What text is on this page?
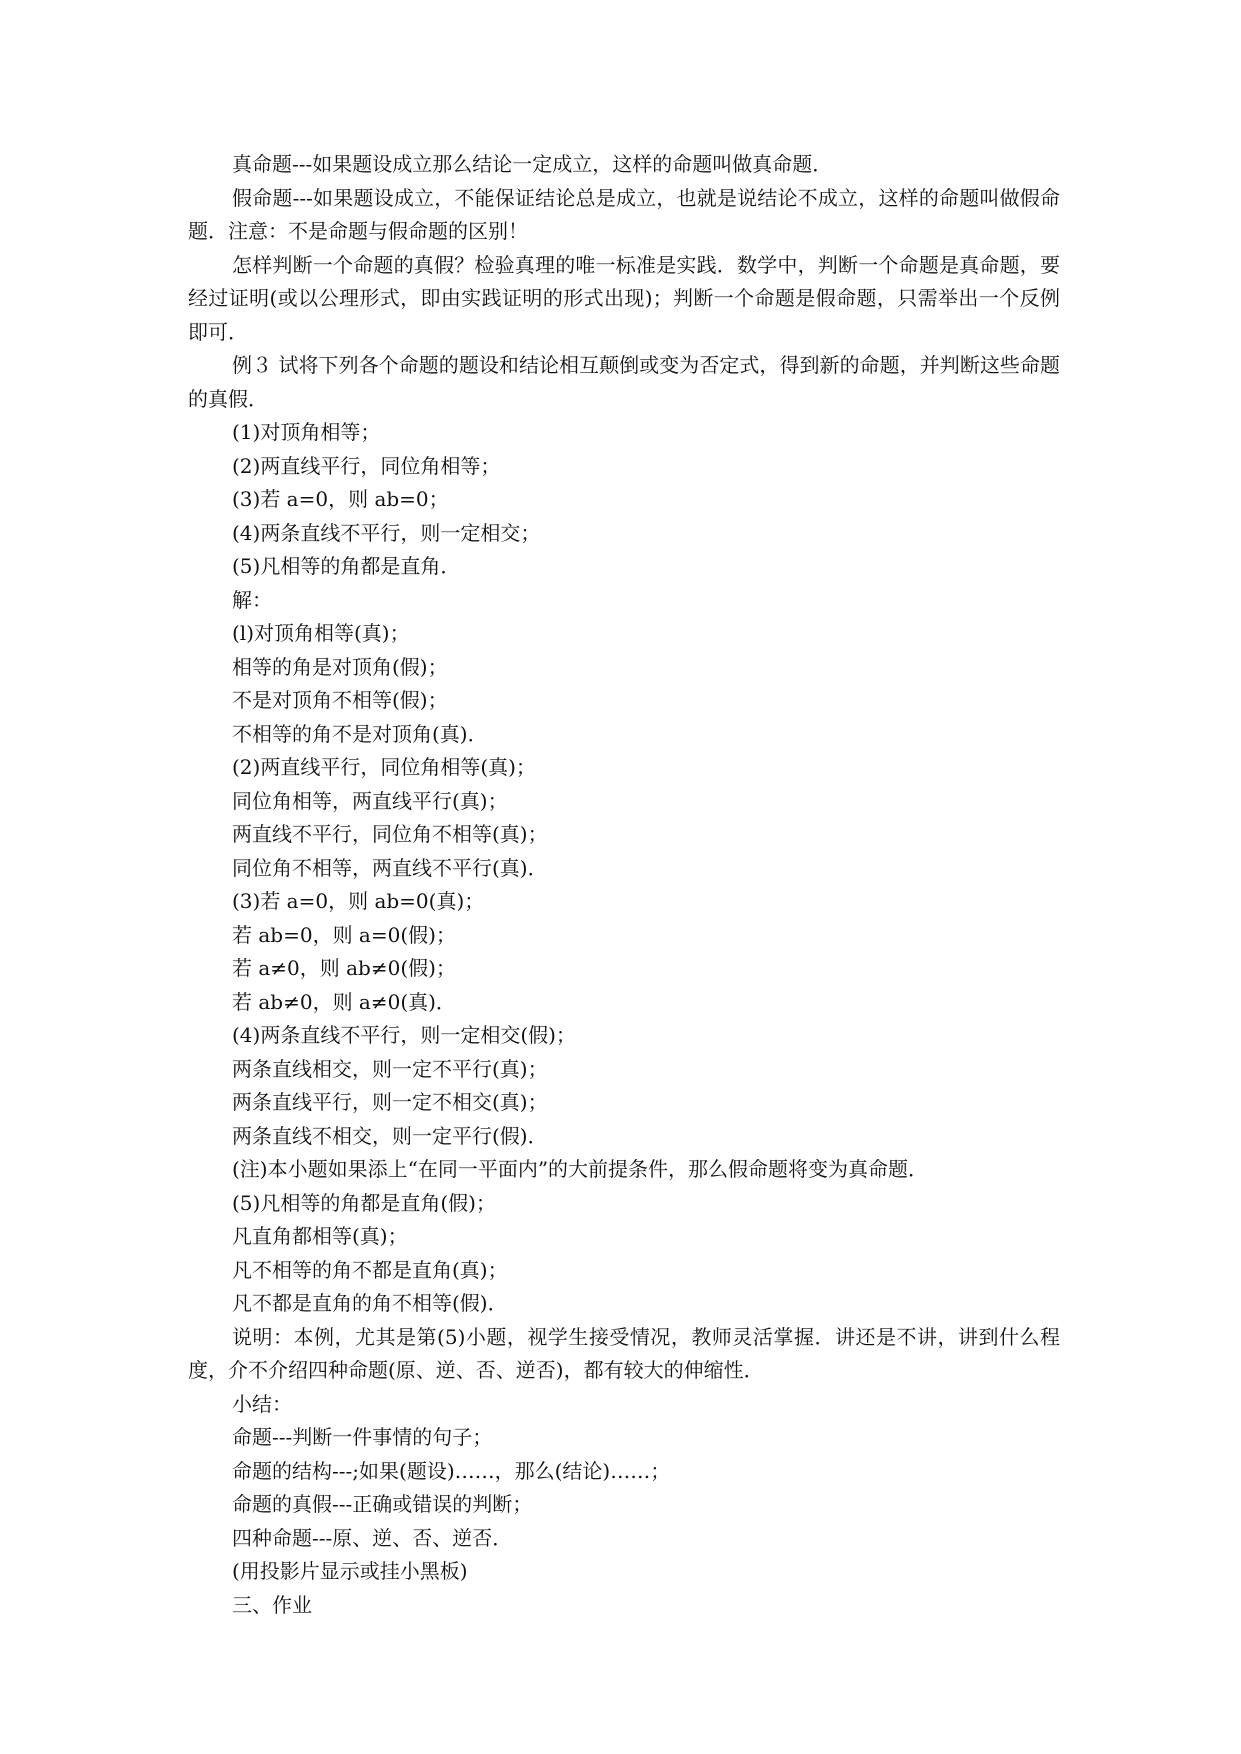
真命题---如果题设成立那么结论一定成立，这样的命题叫做真命题．

假命题---如果题设成立，不能保证结论总是成立，也就是说结论不成立，这样的命题叫做假命题．注意：不是命题与假命题的区别！

怎样判断一个命题的真假？检验真理的唯一标准是实践．数学中，判断一个命题是真命题，要经过证明(或以公理形式，即由实践证明的形式出现)；判断一个命题是假命题，只需举出一个反例即可．

例３ 试将下列各个命题的题设和结论相互颠倒或变为否定式，得到新的命题，并判断这些命题的真假．

(1)对顶角相等；

(2)两直线平行，同位角相等；

(3)若 a=0，则 ab=0；

(4)两条直线不平行，则一定相交；

(5)凡相等的角都是直角．

解：

(l)对顶角相等(真)；

相等的角是对顶角(假)；

不是对顶角不相等(假)；

不相等的角不是对顶角(真)．

(2)两直线平行，同位角相等(真)；

同位角相等，两直线平行(真)；

两直线不平行，同位角不相等(真)；

同位角不相等，两直线不平行(真)．

(3)若 a=0，则 ab=0(真)；

若 ab=0，则 a=0(假)；

若 a≠0，则 ab≠0(假)；

若 ab≠0，则 a≠0(真)．

(4)两条直线不平行，则一定相交(假)；

两条直线相交，则一定不平行(真)；

两条直线平行，则一定不相交(真)；

两条直线不相交，则一定平行(假)．

(注)本小题如果添上“在同一平面内”的大前提条件，那么假命题将变为真命题．

(5)凡相等的角都是直角(假)；

凡直角都相等(真)；

凡不相等的角不都是直角(真)；

凡不都是直角的角不相等(假)．

说明：本例，尤其是第(5)小题，视学生接受情况，教师灵活掌握．讲还是不讲，讲到什么程度，介不介绍四种命题(原、逆、否、逆否)，都有较大的伸缩性．

小结：

命题---判断一件事情的句子；

命题的结构---;如果(题设)……，那么(结论)……；

命题的真假---正确或错误的判断；

四种命题---原、逆、否、逆否．

(用投影片显示或挂小黑板)

三、作业
